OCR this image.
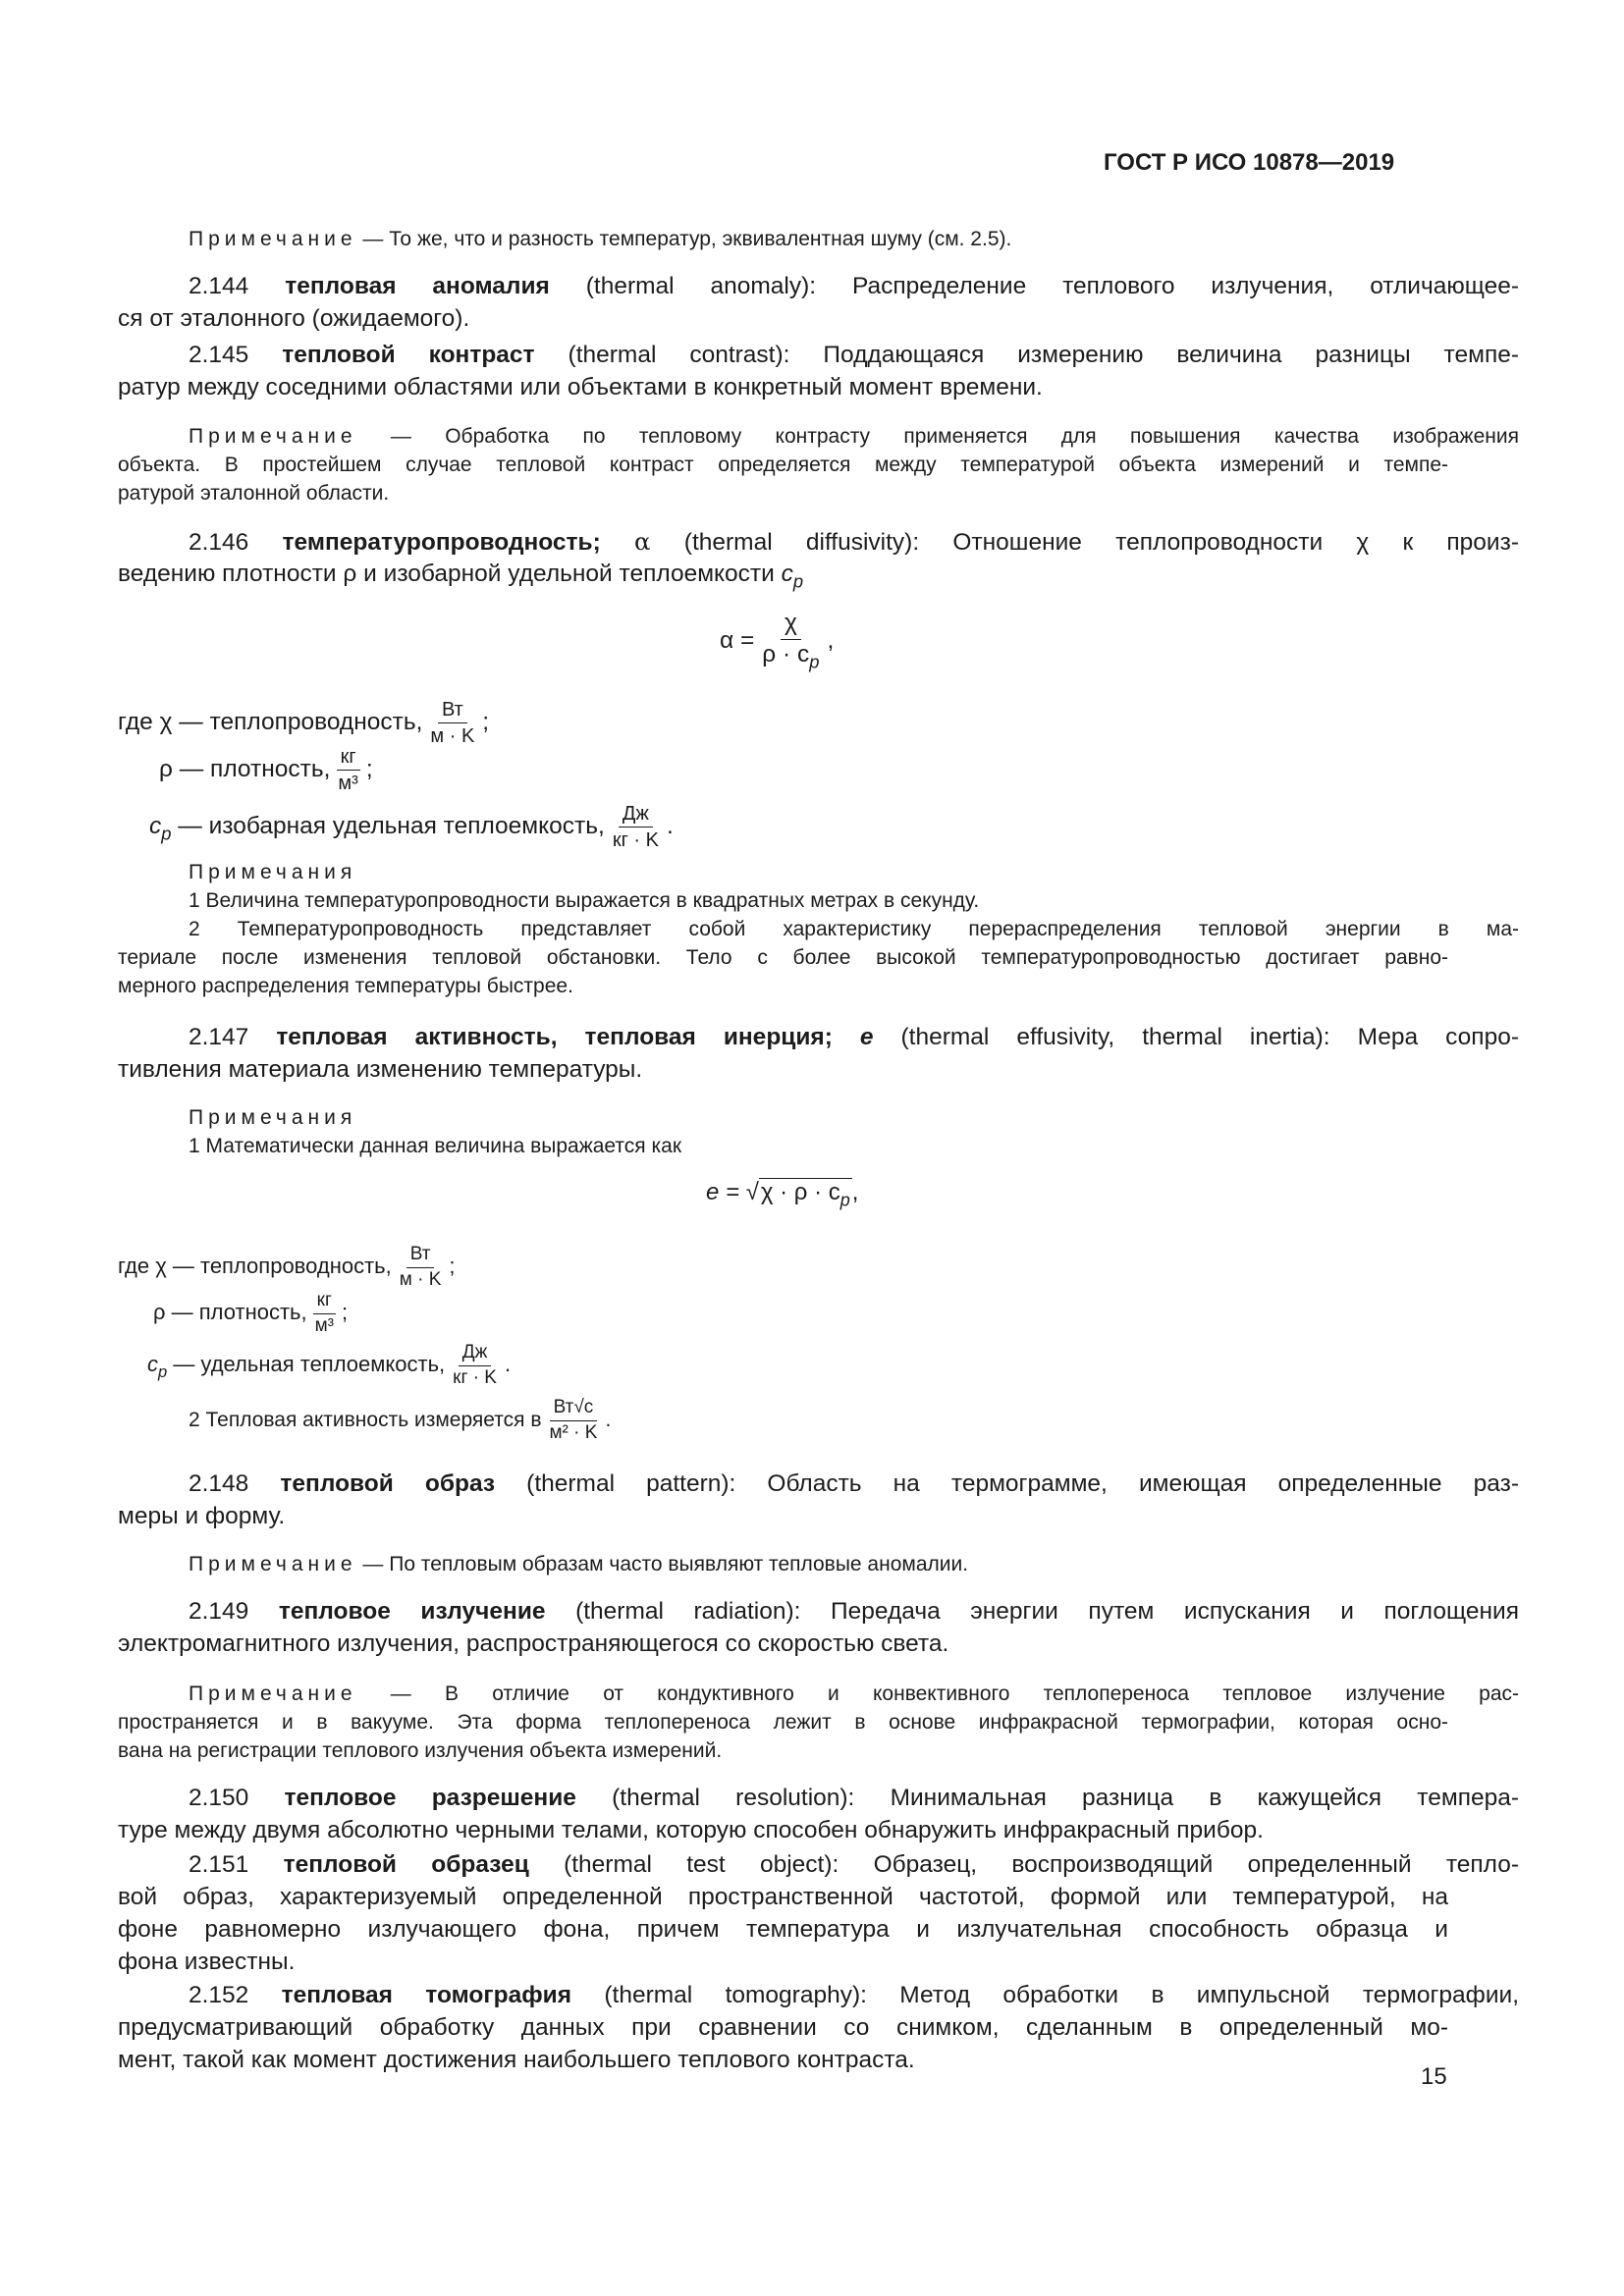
ГОСТ Р ИСО 10878—2019
Примечание — То же, что и разность температур, эквивалентная шуму (см. 2.5).
2.144 тепловая аномалия (thermal anomaly): Распределение теплового излучения, отличающее-
ся от эталонного (ожидаемого).
2.145 тепловой контраст (thermal contrast): Поддающаяся измерению величина разницы темпе-
ратур между соседними областями или объектами в конкретный момент времени.
Примечание — Обработка по тепловому контрасту применяется для повышения качества изображения
объекта. В простейшем случае тепловой контраст определяется между температурой объекта измерений и темпе-
ратурой эталонной области.
2.146 температуропроводность; α (thermal diffusivity): Отношение теплопроводности χ к произ-
ведению плотности ρ и изобарной удельной теплоемкости $c_p$
$\alpha = \frac{\chi}{\rho \cdot c_p}$ ,
где χ — теплопроводность, $\frac{Вт}{м \cdot K}$ ;
ρ — плотность, $\frac{кг}{\text{м³}}$ ;
$c_p$ — изобарная удельная теплоемкость, $\frac{Дж}{кг \cdot K}$ .
Примечания
1 Величина температуропроводности выражается в квадратных метрах в секунду.
2 Температуропроводность представляет собой характеристику перераспределения тепловой энергии в ма-
териале после изменения тепловой обстановки. Тело с более высокой температуропроводностью достигает равно-
мерного распределения температуры быстрее.
2.147 тепловая активность, тепловая инерция; e (thermal effusivity, thermal inertia): Мера сопро-
тивления материала изменению температуры.
Примечания
1 Математически данная величина выражается как
$e = √\chi \cdot \rho \cdot c_p$,
где χ — теплопроводность, $\frac{Вт}{м \cdot K}$ ;
ρ — плотность, $\frac{кг}{\text{м³}}$ ;
$c_p$ — удельная теплоемкость, $\frac{Дж}{кг \cdot K}$ .
2 Тепловая активность измеряется в $\frac{Вт√с}{\text{м² · K}}$ .
2.148 тепловой образ (thermal pattern): Область на термограмме, имеющая определенные раз-
меры и форму.
Примечание — По тепловым образам часто выявляют тепловые аномалии.
2.149 тепловое излучение (thermal radiation): Передача энергии путем испускания и поглощения
электромагнитного излучения, распространяющегося со скоростью света.
Примечание — В отличие от кондуктивного и конвективного теплопереноса тепловое излучение рас-
пространяется и в вакууме. Эта форма теплопереноса лежит в основе инфракрасной термографии, которая осно-
вана на регистрации теплового излучения объекта измерений.
2.150 тепловое разрешение (thermal resolution): Минимальная разница в кажущейся темпера-
туре между двумя абсолютно черными телами, которую способен обнаружить инфракрасный прибор.
2.151 тепловой образец (thermal test object): Образец, воспроизводящий определенный тепло-
вой образ, характеризуемый определенной пространственной частотой, формой или температурой, на
фоне равномерно излучающего фона, причем температура и излучательная способность образца и
фона известны.
2.152 тепловая томография (thermal tomography): Метод обработки в импульсной термографии,
предусматривающий обработку данных при сравнении со снимком, сделанным в определенный мо-
мент, такой как момент достижения наибольшего теплового контраста.
15
